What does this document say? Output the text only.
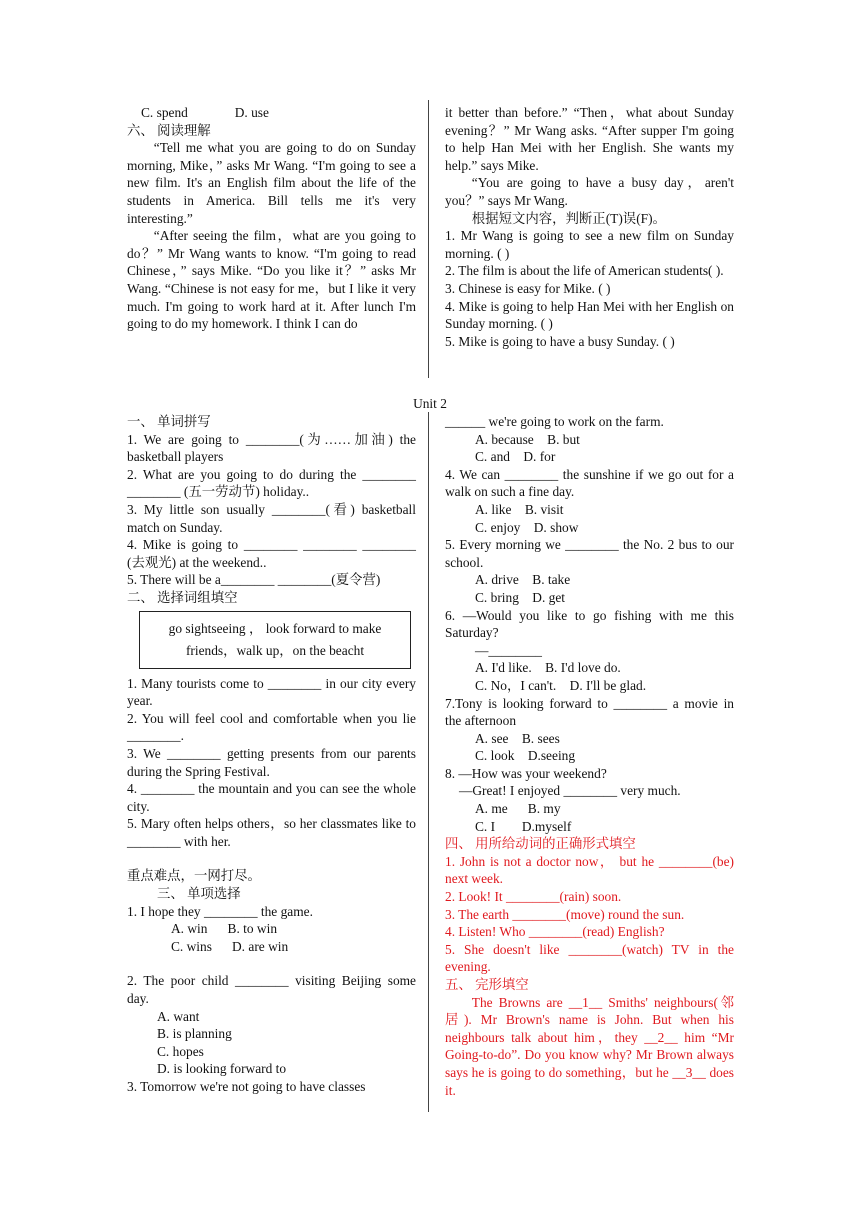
C. spend              D. use

六、 阅读理解

“Tell me what you are going to do on Sunday morning, Mike，” asks Mr Wang. “I'm going to see a new film. It's an English film about the life of the students in America. Bill tells me it's very interesting.”

“After seeing the film，what are you going to do？” Mr Wang wants to know. “I'm going to read Chinese，” says Mike. “Do you like it？” asks Mr Wang. “Chinese is not easy for me，but I like it very much. I'm going to work hard at it. After lunch I'm going to do my homework. I think I can do

it better than before.” “Then，what about Sunday evening？” Mr Wang asks. “After supper I'm going to help Han Mei with her English. She wants my help.” says Mike.

“You are going to have a busy day，aren't you？” says Mr Wang.

根据短文内容，判断正(T)误(F)。

1. Mr Wang is going to see a new film on Sunday morning. ( )

2. The film is about the life of American students( ).

3. Chinese is easy for Mike. ( )

4. Mike is going to help Han Mei with her English on Sunday morning. ( )

5. Mike is going to have a busy Sunday. ( )

Unit 2

一、 单词拼写

1. We are going to ________(为……加油) the basketball players

2. What are you going to do during the ________ ________ (五一劳动节) holiday..

3. My little son usually ________(看) basketball match on Sunday.

4. Mike is going to ________ ________ ________ (去观光) at the weekend..

5. There will be a________ ________(夏令营)

二、 选择词组填空

go sightseeing ， look forward to make friends，walk up，on the beacht

1. Many tourists come to ________ in our city every year.

2. You will feel cool and comfortable when you lie ________.

3. We ________ getting presents from our parents during the Spring Festival.

4. ________ the mountain and you can see the whole city.

5. Mary often helps others，so her classmates like to ________ with her.

重点难点，一网打尽。

三、 单项选择

1. I hope they ________ the game.

A. win      B. to win

C. wins      D. are win

2. The poor child ________ visiting Beijing some day.

A. want

B. is planning

C. hopes

D. is looking forward to

3. Tomorrow we're not going to have classes

______ we're going to work on the farm.

A. because    B. but

C. and    D. for

4. We can ________ the sunshine if we go out for a walk on such a fine day.

A. like    B. visit

C. enjoy    D. show

5. Every morning we ________ the No. 2 bus to our school.

A. drive    B. take

C. bring    D. get

6. —Would you like to go fishing with me this Saturday?

—________

A. I'd like.    B. I'd love do.

C. No，I can't.    D. I'll be glad.

7.Tony is looking forward to ________ a movie in the afternoon

A. see    B. sees

C. look    D.seeing

8. —How was your weekend?

—Great! I enjoyed ________ very much.

A. me      B. my

C. I        D.myself

四、 用所给动词的正确形式填空

1. John is not a doctor now， but he ________(be) next week.

2. Look! It ________(rain) soon.

3. The earth ________(move) round the sun.

4. Listen! Who ________(read) English?

5. She doesn't like ________(watch) TV in the evening.

五、 完形填空

The Browns are __1__ Smiths' neighbours(邻居). Mr Brown's name is John. But when his neighbours talk about him，they __2__ him “Mr Going-to-do”. Do you know why? Mr Brown always says he is going to do something，but he __3__ does it.
